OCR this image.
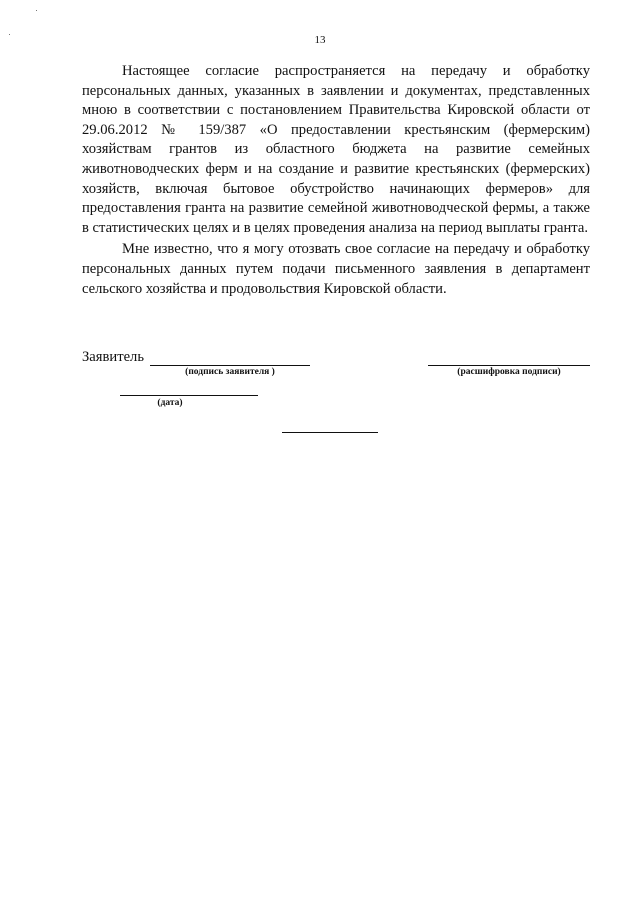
13

Настоящее согласие распространяется на передачу и обработку персональных данных, указанных в заявлении и документах, представленных мною в соответствии с постановлением Правительства Кировской области от 29.06.2012 № 159/387 «О предоставлении крестьянским (фермерским) хозяйствам грантов из областного бюджета на развитие семейных животноводческих ферм и на создание и развитие крестьянских (фермерских) хозяйств, включая бытовое обустройство начинающих фермеров» для предоставления гранта на развитие семейной животноводческой фермы, а также в статистических целях и в целях проведения анализа на период выплаты гранта.

Мне известно, что я могу отозвать свое согласие на передачу и обработку персональных данных путем подачи письменного заявления в департамент сельского хозяйства и продовольствия Кировской области.

Заявитель
(подпись заявителя )	(расшифровка подписи)
(дата)
